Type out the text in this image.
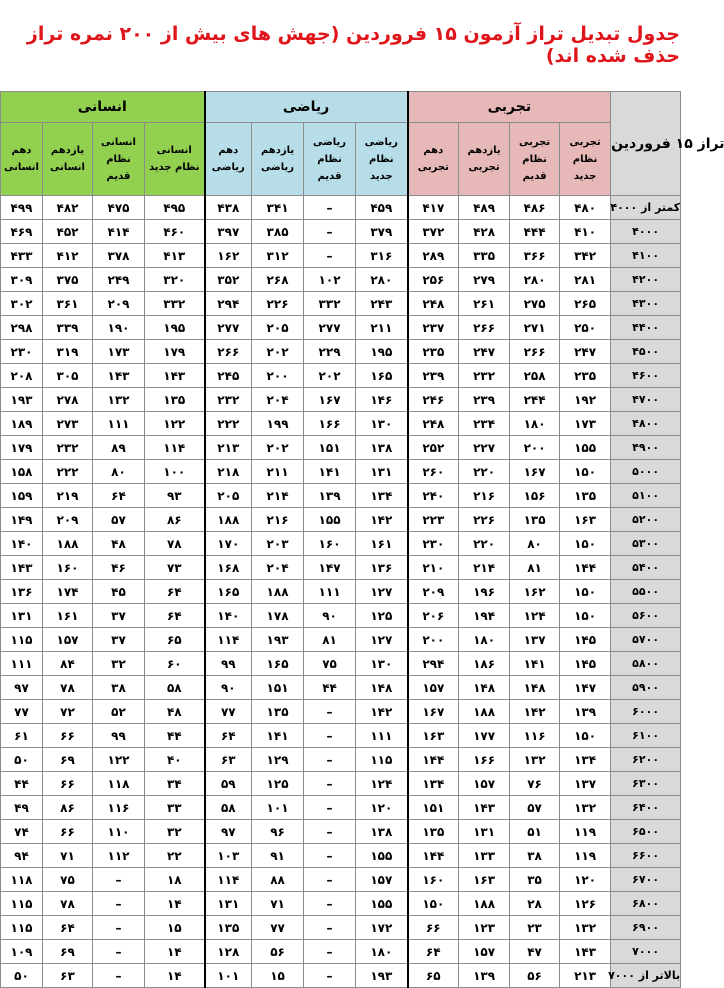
جدول تبدیل تراز آزمون ۱۵ فروردین (جهش های بیش از ۲۰۰ نمره تراز حذف شده اند)
انسانی				ریاضی				تجربی				تراز ۱۵ فروردین
دهم انسانی	یازدهم انسانی	انسانی نظام قدیم	انسانی نظام جدید	دهم ریاضی	یازدهم ریاضی	ریاضی نظام قدیم	ریاضی نظام جدید	دهم تجربی	یازدهم تجربی	تجربی نظام قدیم	تجربی نظام جدید	
۴۹۹	۴۸۲	۴۷۵	۴۹۵	۴۳۸	۳۴۱	–	۴۵۹	۴۱۷	۴۸۹	۴۸۶	۴۸۰	کمتر از ۴۰۰۰
۴۶۹	۴۵۲	۴۱۴	۴۶۰	۳۹۷	۳۸۵	–	۳۷۹	۳۷۲	۴۲۸	۴۴۴	۴۱۰	۴۰۰۰
۴۳۳	۴۱۲	۳۷۸	۴۱۳	۱۶۲	۳۱۲	–	۳۱۶	۲۸۹	۳۳۵	۳۶۶	۳۴۲	۴۱۰۰
۳۰۹	۳۷۵	۲۴۹	۳۲۰	۳۵۲	۲۶۸	۱۰۲	۲۸۰	۲۵۶	۲۷۹	۲۸۰	۲۸۱	۴۲۰۰
۳۰۲	۳۶۱	۲۰۹	۳۳۲	۲۹۴	۲۲۶	۳۳۲	۲۴۳	۲۴۸	۲۶۱	۲۷۵	۲۶۵	۴۳۰۰
۲۹۸	۳۳۹	۱۹۰	۱۹۵	۲۷۷	۲۰۵	۲۷۷	۲۱۱	۲۳۷	۲۶۶	۲۷۱	۲۵۰	۴۴۰۰
۲۳۰	۳۱۹	۱۷۳	۱۷۹	۲۶۶	۲۰۲	۲۲۹	۱۹۵	۲۳۵	۲۴۷	۲۶۶	۲۴۷	۴۵۰۰
۲۰۸	۳۰۵	۱۴۳	۱۴۳	۲۴۵	۲۰۰	۲۰۲	۱۶۵	۲۳۹	۲۳۲	۲۵۸	۲۳۵	۴۶۰۰
۱۹۳	۲۷۸	۱۳۲	۱۳۵	۲۳۲	۲۰۴	۱۶۷	۱۴۶	۲۴۶	۲۳۹	۲۴۴	۱۹۲	۴۷۰۰
۱۸۹	۲۷۳	۱۱۱	۱۲۲	۲۲۲	۱۹۹	۱۶۶	۱۳۰	۲۴۸	۲۳۴	۱۸۰	۱۷۳	۴۸۰۰
۱۷۹	۲۳۲	۸۹	۱۱۴	۲۱۳	۲۰۲	۱۵۱	۱۳۸	۲۵۲	۲۲۷	۲۰۰	۱۵۵	۴۹۰۰
۱۵۸	۲۲۲	۸۰	۱۰۰	۲۱۸	۲۱۱	۱۴۱	۱۳۱	۲۶۰	۲۲۰	۱۶۷	۱۵۰	۵۰۰۰
۱۵۹	۲۱۹	۶۴	۹۳	۲۰۵	۲۱۴	۱۳۹	۱۳۴	۲۴۰	۲۱۶	۱۵۶	۱۳۵	۵۱۰۰
۱۴۹	۲۰۹	۵۷	۸۶	۱۸۸	۲۱۶	۱۵۵	۱۴۲	۲۲۳	۲۲۶	۱۳۵	۱۶۳	۵۲۰۰
۱۴۰	۱۸۸	۴۸	۷۸	۱۷۰	۲۰۳	۱۶۰	۱۶۱	۲۳۰	۲۲۰	۸۰	۱۵۰	۵۳۰۰
۱۴۳	۱۶۰	۴۶	۷۳	۱۶۸	۲۰۴	۱۴۷	۱۳۶	۲۱۰	۲۱۴	۸۱	۱۴۴	۵۴۰۰
۱۳۶	۱۷۴	۴۵	۶۴	۱۶۵	۱۸۸	۱۱۱	۱۲۷	۲۰۹	۱۹۶	۱۶۲	۱۵۰	۵۵۰۰
۱۳۱	۱۶۱	۳۷	۶۴	۱۴۰	۱۷۸	۹۰	۱۲۵	۲۰۶	۱۹۴	۱۲۴	۱۵۰	۵۶۰۰
۱۱۵	۱۵۷	۳۷	۶۵	۱۱۴	۱۹۳	۸۱	۱۲۷	۲۰۰	۱۸۰	۱۳۷	۱۴۵	۵۷۰۰
۱۱۱	۸۴	۳۲	۶۰	۹۹	۱۶۵	۷۵	۱۳۰	۲۹۴	۱۸۶	۱۴۱	۱۴۵	۵۸۰۰
۹۷	۷۸	۳۸	۵۸	۹۰	۱۵۱	۴۴	۱۴۸	۱۵۷	۱۴۸	۱۴۸	۱۴۷	۵۹۰۰
۷۷	۷۲	۵۲	۴۸	۷۷	۱۳۵	–	۱۴۲	۱۶۷	۱۸۸	۱۴۲	۱۳۹	۶۰۰۰
۶۱	۶۶	۹۹	۴۴	۶۴	۱۴۱	–	۱۱۱	۱۶۳	۱۷۷	۱۱۶	۱۵۰	۶۱۰۰
۵۰	۶۹	۱۲۲	۴۰	۶۳	۱۲۹	–	۱۱۵	۱۴۴	۱۶۶	۱۳۲	۱۳۴	۶۲۰۰
۴۴	۶۶	۱۱۸	۳۴	۵۹	۱۲۵	–	۱۲۴	۱۳۴	۱۵۷	۷۶	۱۳۷	۶۳۰۰
۴۹	۸۶	۱۱۶	۳۳	۵۸	۱۰۱	–	۱۲۰	۱۵۱	۱۴۳	۵۷	۱۳۲	۶۴۰۰
۷۴	۶۶	۱۱۰	۳۲	۹۷	۹۶	–	۱۳۸	۱۳۵	۱۳۱	۵۱	۱۱۹	۶۵۰۰
۹۴	۷۱	۱۱۲	۲۲	۱۰۳	۹۱	–	۱۵۵	۱۴۴	۱۳۳	۳۸	۱۱۹	۶۶۰۰
۱۱۸	۷۵	–	۱۸	۱۱۴	۸۸	–	۱۵۷	۱۶۰	۱۶۳	۳۵	۱۲۰	۶۷۰۰
۱۱۵	۷۸	–	۱۴	۱۳۱	۷۱	–	۱۵۵	۱۵۰	۱۸۸	۲۸	۱۲۶	۶۸۰۰
۱۱۵	۶۴	–	۱۵	۱۳۵	۷۷	–	۱۷۲	۶۶	۱۲۳	۲۳	۱۳۲	۶۹۰۰
۱۰۹	۶۹	–	۱۴	۱۲۸	۵۶	–	۱۸۰	۶۴	۱۵۷	۴۷	۱۴۳	۷۰۰۰
۵۰	۶۳	–	۱۴	۱۰۱	۱۵	–	۱۹۳	۶۵	۱۳۹	۵۶	۲۱۳	بالاتر از ۷۰۰۰
